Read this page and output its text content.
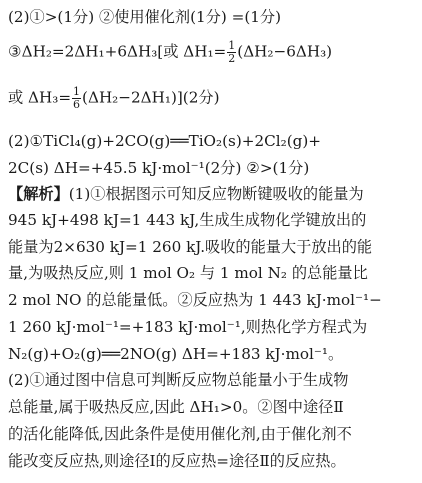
(2)①>(1分) ②使用催化剂(1分) =(1分)
③ΔH₂=2ΔH₁+6ΔH₃[或 $\Delta H_1= \frac{1}{2} (\Delta H_2-6\Delta H_3)$
或 $\Delta H_3= \frac{1}{6} (\Delta H_2-2\Delta H_1)](2$分)
(2)①TiCl₄(g)+2CO(g)══TiO₂(s)+2Cl₂(g)+
2C(s) ΔH=+45.5 kJ·mol⁻¹(2分) ②>(1分)
【解析】(1)①根据图示可知反应物断键吸收的能量为
945 kJ+498 kJ=1 443 kJ,生成生成物化学键放出的
能量为2×630 kJ=1 260 kJ.吸收的能量大于放出的能
量,为吸热反应,则 1 mol O₂ 与 1 mol N₂ 的总能量比
2 mol NO 的总能量低。②反应热为 1 443 kJ·mol⁻¹−
1 260 kJ·mol⁻¹=+183 kJ·mol⁻¹,则热化学方程式为
N₂(g)+O₂(g)══2NO(g) ΔH=+183 kJ·mol⁻¹。
(2)①通过图中信息可判断反应物总能量小于生成物
总能量,属于吸热反应,因此 ΔH₁>0。②图中途径Ⅱ
的活化能降低,因此条件是使用催化剂,由于催化剂不
能改变反应热,则途径Ⅰ的反应热=途径Ⅱ的反应热。
